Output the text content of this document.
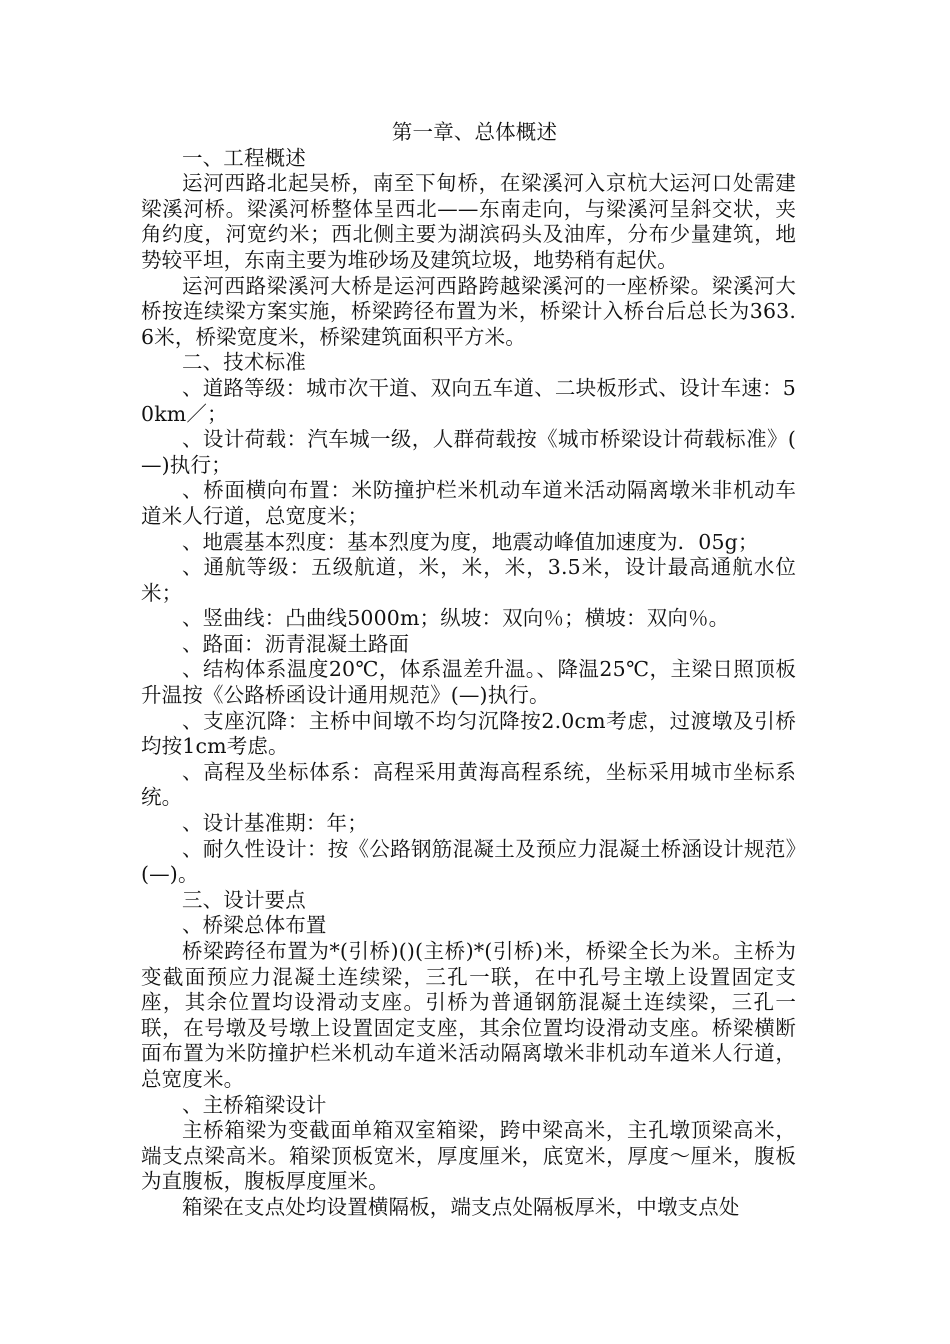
第一章、总体概述

一、工程概述

运河西路北起吴桥，南至下甸桥，在梁溪河入京杭大运河口处需建梁溪河桥。梁溪河桥整体呈西北——东南走向，与梁溪河呈斜交状，夹角约度，河宽约米；西北侧主要为湖滨码头及油库，分布少量建筑，地势较平坦，东南主要为堆砂场及建筑垃圾，地势稍有起伏。

运河西路梁溪河大桥是运河西路跨越梁溪河的一座桥梁。梁溪河大桥按连续梁方案实施，桥梁跨径布置为米，桥梁计入桥台后总长为363.6米，桥梁宽度米，桥梁建筑面积平方米。

二、技术标准

、道路等级：城市次干道、双向五车道、二块板形式、设计车速：50km／；

、设计荷载：汽车城一级，人群荷载按《城市桥梁设计荷载标准》( —)执行；

、桥面横向布置：米防撞护栏米机动车道米活动隔离墩米非机动车道米人行道，总宽度米；

、地震基本烈度：基本烈度为度，地震动峰值加速度为．05g；

、通航等级：五级航道，米，米，米，3.5米，设计最高通航水位米；

、竖曲线：凸曲线5000m；纵坡：双向％；横坡：双向％。

、路面：沥青混凝土路面

、结构体系温度20℃，体系温差升温。、降温25℃，主梁日照顶板升温按《公路桥函设计通用规范》(—)执行。

、支座沉降：主桥中间墩不均匀沉降按2.0cm考虑，过渡墩及引桥均按1cm考虑。

、高程及坐标体系：高程采用黄海高程系统，坐标采用城市坐标系统。

、设计基准期：年；

、耐久性设计：按《公路钢筋混凝土及预应力混凝土桥涵设计规范》(—)。

三、设计要点

、桥梁总体布置

桥梁跨径布置为*(引桥)()(主桥)*(引桥)米，桥梁全长为米。主桥为变截面预应力混凝土连续梁，三孔一联，在中孔号主墩上设置固定支座，其余位置均设滑动支座。引桥为普通钢筋混凝土连续梁，三孔一联，在号墩及号墩上设置固定支座，其余位置均设滑动支座。桥梁横断面布置为米防撞护栏米机动车道米活动隔离墩米非机动车道米人行道，总宽度米。

、主桥箱梁设计

主桥箱梁为变截面单箱双室箱梁，跨中梁高米，主孔墩顶梁高米，端支点梁高米。箱梁顶板宽米，厚度厘米，底宽米，厚度～厘米，腹板为直腹板，腹板厚度厘米。

箱梁在支点处均设置横隔板，端支点处隔板厚米，中墩支点处
